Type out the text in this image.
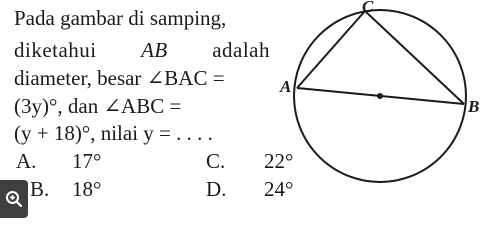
Pada gambar di samping,
diketahui AB adalah
diameter, besar ∠BAC =
(3y)°, dan ∠ABC =
(y + 18)°, nilai y = . . . .
A. 17°
B. 18°
C. 22°
D. 24°
A
B
C
